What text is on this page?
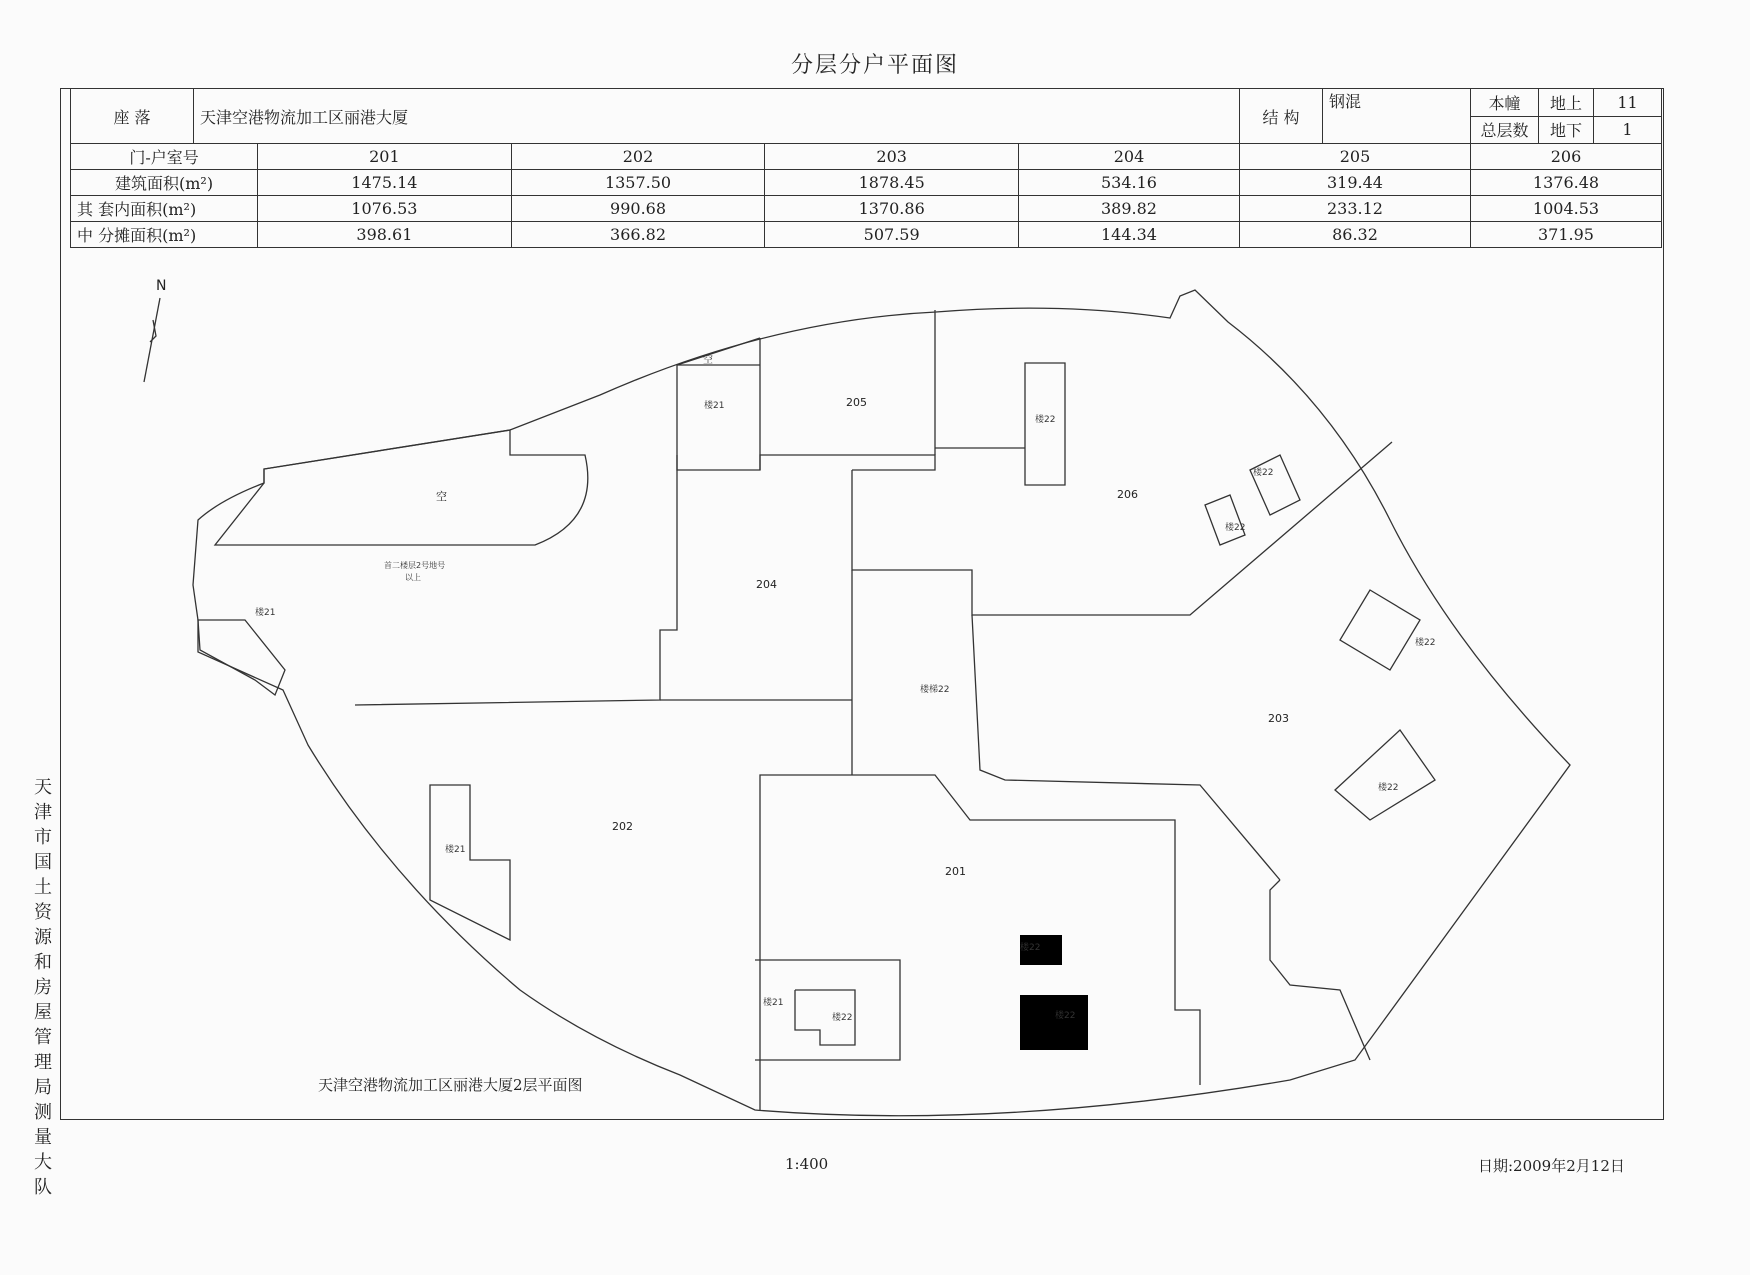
分层分户平面图
座 落	天津空港物流加工区丽港大厦					结 构	钢混	本幢	地上	11
								总层数	地下	1
门-户室号		201	202	203	204	205		206		
建筑面积(m²)		1475.14	1357.50	1878.45	534.16	319.44		1376.48		
其 套内面积(m²)		1076.53	990.68	1370.86	389.82	233.12		1004.53		
中 分摊面积(m²)		398.61	366.82	507.59	144.34	86.32		371.95		
N
空
首二楼层2号地号
以上
202
201
203
204
205
206
空
楼21
楼21
楼21
楼21
楼22
楼22
楼22
楼22
楼22
楼22
楼22
楼22
楼梯22
天津空港物流加工区丽港大厦2层平面图
天津市国土资源和房屋管理局测量大队
1:400	日期:2009年2月12日
